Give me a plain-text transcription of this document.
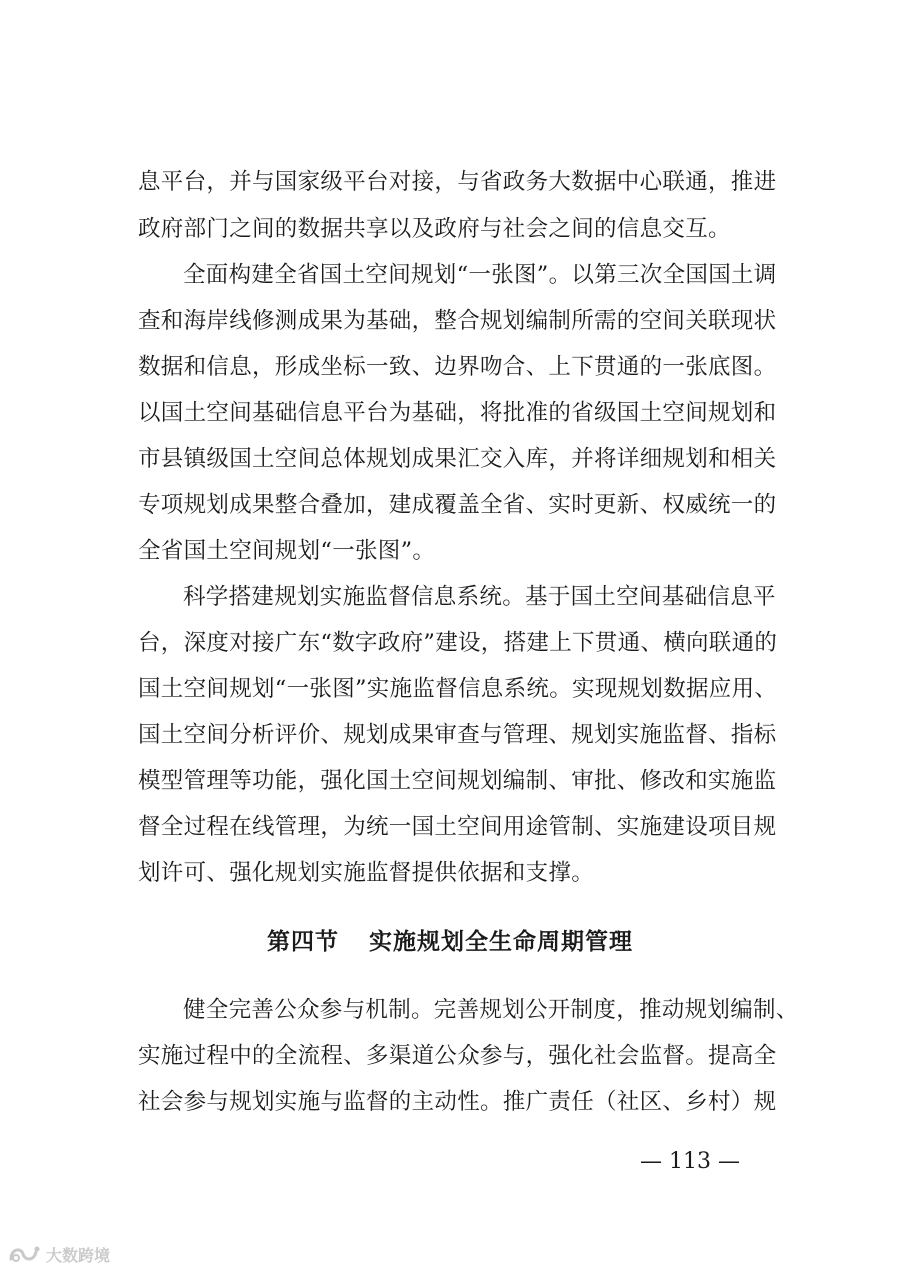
息平台，并与国家级平台对接，与省政务大数据中心联通，推进
政府部门之间的数据共享以及政府与社会之间的信息交互。
全面构建全省国土空间规划“一张图”。以第三次全国国土调
查和海岸线修测成果为基础，整合规划编制所需的空间关联现状
数据和信息，形成坐标一致、边界吻合、上下贯通的一张底图。
以国土空间基础信息平台为基础，将批准的省级国土空间规划和
市县镇级国土空间总体规划成果汇交入库，并将详细规划和相关
专项规划成果整合叠加，建成覆盖全省、实时更新、权威统一的
全省国土空间规划“一张图”。
科学搭建规划实施监督信息系统。基于国土空间基础信息平
台，深度对接广东“数字政府”建设，搭建上下贯通、横向联通的
国土空间规划“一张图”实施监督信息系统。实现规划数据应用、
国土空间分析评价、规划成果审查与管理、规划实施监督、指标
模型管理等功能，强化国土空间规划编制、审批、修改和实施监
督全过程在线管理，为统一国土空间用途管制、实施建设项目规
划许可、强化规划实施监督提供依据和支撑。
第四节 实施规划全生命周期管理
健全完善公众参与机制。完善规划公开制度，推动规划编制、
实施过程中的全流程、多渠道公众参与，强化社会监督。提高全
社会参与规划实施与监督的主动性。推广责任（社区、乡村）规
— 113 —
大数跨境
